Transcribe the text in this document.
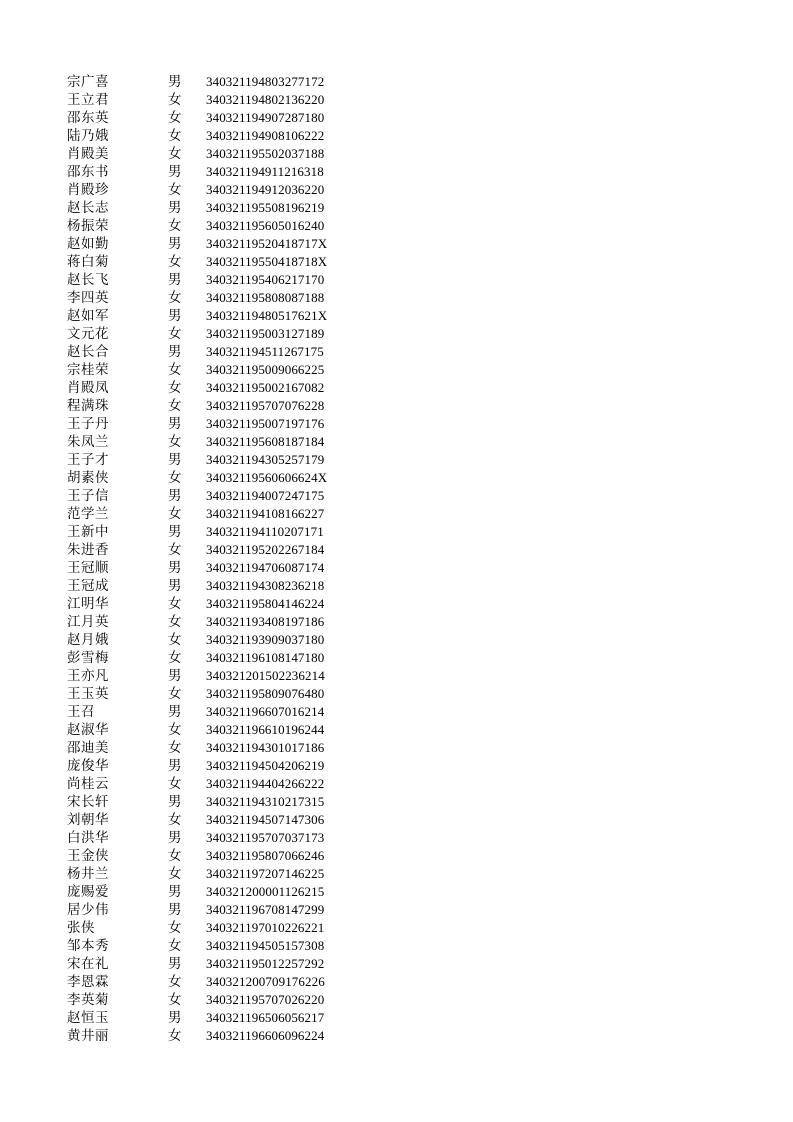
宗广喜	男	340321194803277172
王立君	女	340321194802136220
邵东英	女	340321194907287180
陆乃娥	女	340321194908106222
肖殿美	女	340321195502037188
邵东书	男	340321194911216318
肖殿珍	女	340321194912036220
赵长志	男	340321195508196219
杨振荣	女	340321195605016240
赵如勤	男	34032119520418717X
蒋白菊	女	34032119550418718X
赵长飞	男	340321195406217170
李四英	女	340321195808087188
赵如军	男	34032119480517621X
文元花	女	340321195003127189
赵长合	男	340321194511267175
宗桂荣	女	340321195009066225
肖殿凤	女	340321195002167082
程满珠	女	340321195707076228
王子丹	男	340321195007197176
朱凤兰	女	340321195608187184
王子才	男	340321194305257179
胡素侠	女	34032119560606624X
王子信	男	340321194007247175
范学兰	女	340321194108166227
王新中	男	340321194110207171
朱进香	女	340321195202267184
王冠顺	男	340321194706087174
王冠成	男	340321194308236218
江明华	女	340321195804146224
江月英	女	340321193408197186
赵月娥	女	340321193909037180
彭雪梅	女	340321196108147180
王亦凡	男	340321201502236214
王玉英	女	340321195809076480
王召	男	340321196607016214
赵淑华	女	340321196610196244
邵迪美	女	340321194301017186
庞俊华	男	340321194504206219
尚桂云	女	340321194404266222
宋长轩	男	340321194310217315
刘朝华	女	340321194507147306
白洪华	男	340321195707037173
王金侠	女	340321195807066246
杨井兰	女	340321197207146225
庞赐爱	男	340321200001126215
居少伟	男	340321196708147299
张侠	女	340321197010226221
邹本秀	女	340321194505157308
宋在礼	男	340321195012257292
李恩霖	女	340321200709176226
李英菊	女	340321195707026220
赵恒玉	男	340321196506056217
黄井丽	女	340321196606096224
